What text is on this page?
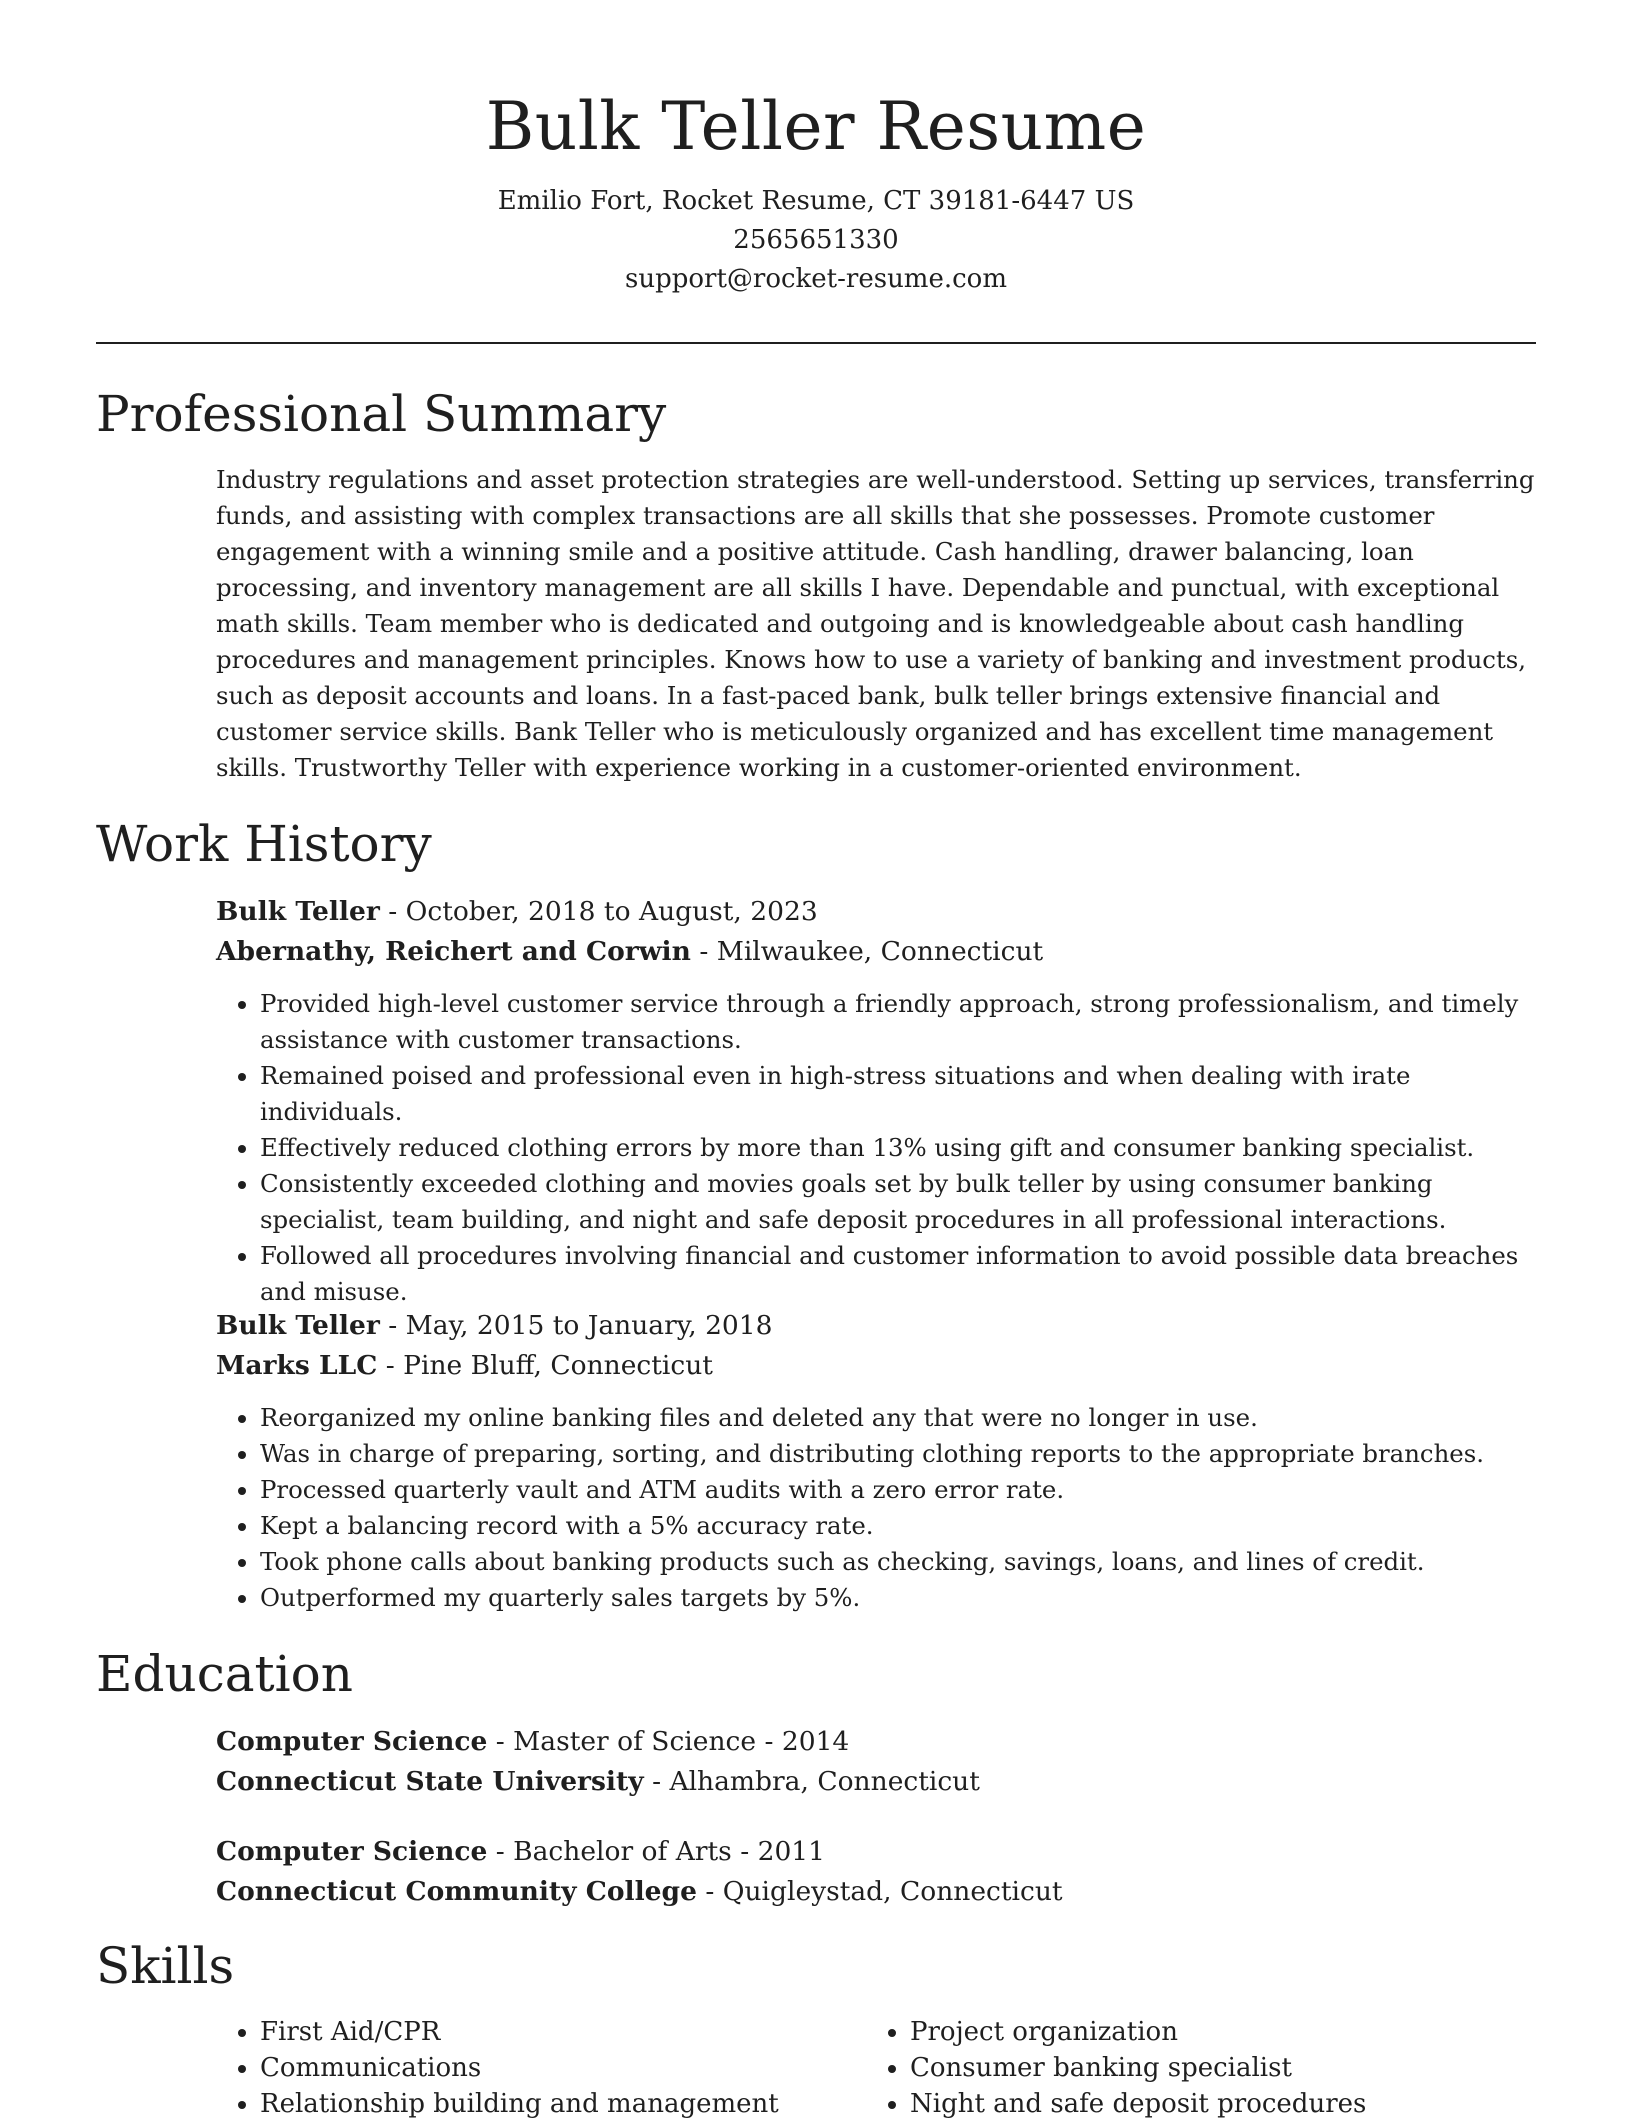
Bulk Teller Resume
Emilio Fort, Rocket Resume, CT 39181-6447 US
2565651330
support@rocket-resume.com
Professional Summary

Industry regulations and asset protection strategies are well-understood. Setting up services, transferring funds, and assisting with complex transactions are all skills that she possesses. Promote customer engagement with a winning smile and a positive attitude. Cash handling, drawer balancing, loan processing, and inventory management are all skills I have. Dependable and punctual, with exceptional math skills. Team member who is dedicated and outgoing and is knowledgeable about cash handling procedures and management principles. Knows how to use a variety of banking and investment products, such as deposit accounts and loans. In a fast-paced bank, bulk teller brings extensive financial and customer service skills. Bank Teller who is meticulously organized and has excellent time management skills. Trustworthy Teller with experience working in a customer-oriented environment.

Work History
Bulk Teller - October, 2018 to August, 2023
Abernathy, Reichert and Corwin - Milwaukee, Connecticut
• Provided high-level customer service through a friendly approach, strong professionalism, and timely assistance with customer transactions.
• Remained poised and professional even in high-stress situations and when dealing with irate individuals.
• Effectively reduced clothing errors by more than 13% using gift and consumer banking specialist.
• Consistently exceeded clothing and movies goals set by bulk teller by using consumer banking specialist, team building, and night and safe deposit procedures in all professional interactions.
• Followed all procedures involving financial and customer information to avoid possible data breaches and misuse.
Bulk Teller - May, 2015 to January, 2018
Marks LLC - Pine Bluff, Connecticut
• Reorganized my online banking files and deleted any that were no longer in use.
• Was in charge of preparing, sorting, and distributing clothing reports to the appropriate branches.
• Processed quarterly vault and ATM audits with a zero error rate.
• Kept a balancing record with a 5% accuracy rate.
• Took phone calls about banking products such as checking, savings, loans, and lines of credit.
• Outperformed my quarterly sales targets by 5%.
Education
Computer Science - Master of Science - 2014
Connecticut State University - Alhambra, Connecticut
Computer Science - Bachelor of Arts - 2011
Connecticut Community College - Quigleystad, Connecticut
Skills
• First Aid/CPR
• Communications
• Relationship building and management
• Project organization
• Consumer banking specialist
• Night and safe deposit procedures
